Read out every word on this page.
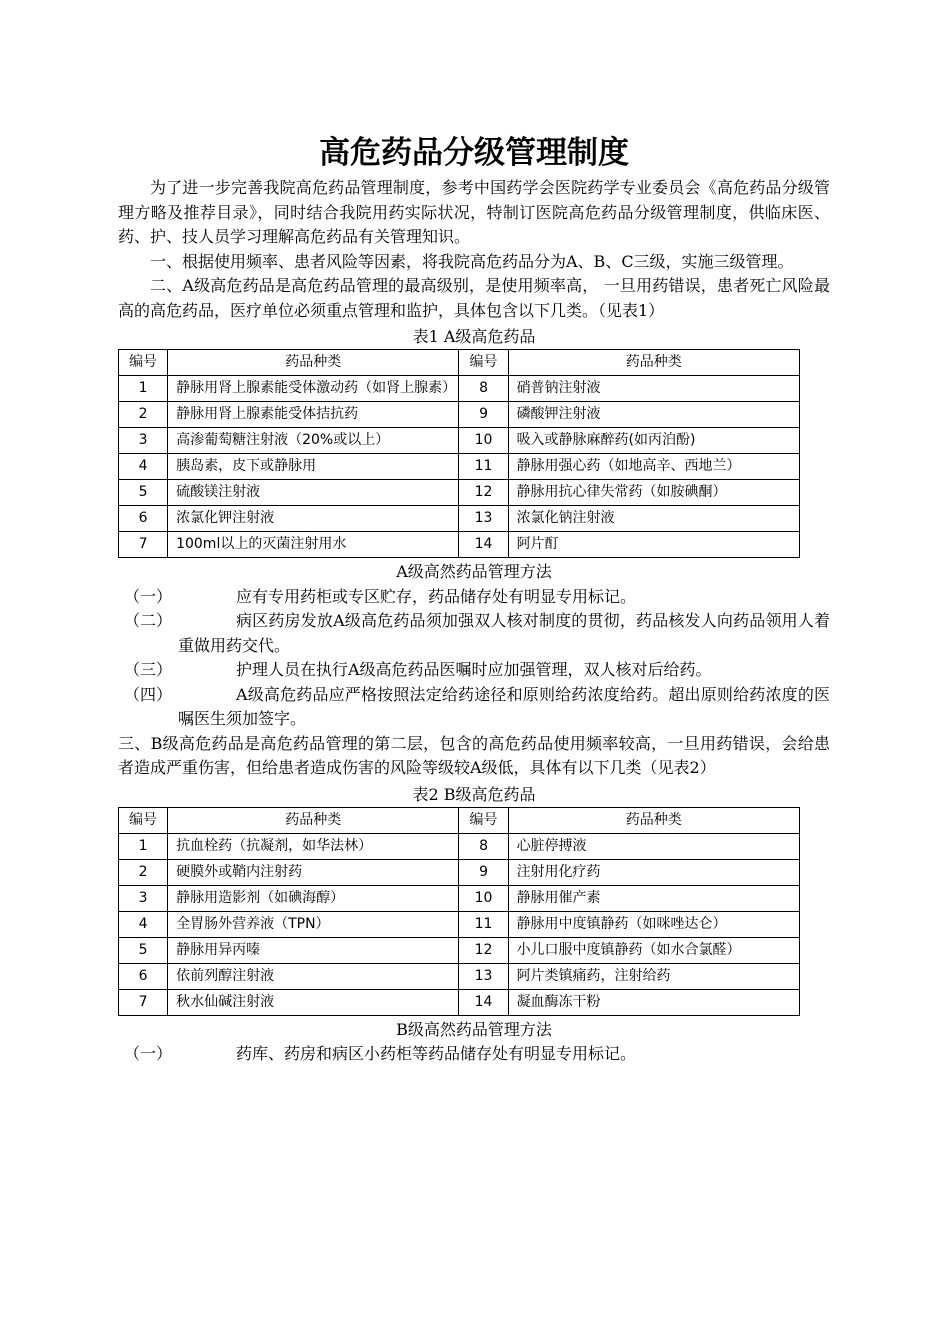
高危药品分级管理制度

为了进一步完善我院高危药品管理制度，参考中国药学会医院药学专业委员会《高危药品分级管理方略及推荐目录》，同时结合我院用药实际状况，特制订医院高危药品分级管理制度，供临床医、药、护、技人员学习理解高危药品有关管理知识。

一、根据使用频率、患者风险等因素，将我院高危药品分为A、B、C三级，实施三级管理。

二、A级高危药品是高危药品管理的最高级别，是使用频率高， 一旦用药错误，患者死亡风险最高的高危药品，医疗单位必须重点管理和监护，具体包含以下几类。（见表1）

表1 A级高危药品
编号	药品种类	编号	药品种类
1	静脉用肾上腺素能受体激动药（如肾上腺素）	8	硝普钠注射液
2	静脉用肾上腺素能受体拮抗药	9	磷酸钾注射液
3	高渗葡萄糖注射液（20%或以上）	10	吸入或静脉麻醉药(如丙泊酚)
4	胰岛素，皮下或静脉用	11	静脉用强心药（如地高辛、西地兰）
5	硫酸镁注射液	12	静脉用抗心律失常药（如胺碘酮）
6	浓氯化钾注射液	13	浓氯化钠注射液
7	100ml以上的灭菌注射用水	14	阿片酊
A级高然药品管理方法
（一）	应有专用药柜或专区贮存，药品储存处有明显专用标记。
（二）	病区药房发放A级高危药品须加强双人核对制度的贯彻，药品核发人向药品领用人着重做用药交代。
（三）	护理人员在执行A级高危药品医嘱时应加强管理，双人核对后给药。
（四）	A级高危药品应严格按照法定给药途径和原则给药浓度给药。超出原则给药浓度的医嘱医生须加签字。

三、B级高危药品是高危药品管理的第二层，包含的高危药品使用频率较高，一旦用药错误，会给患者造成严重伤害，但给患者造成伤害的风险等级较A级低，具体有以下几类（见表2）

表2 B级高危药品
编号	药品种类	编号	药品种类
1	抗血栓药（抗凝剂，如华法林）	8	心脏停搏液
2	硬膜外或鞘内注射药	9	注射用化疗药
3	静脉用造影剂（如碘海醇）	10	静脉用催产素
4	全胃肠外营养液（TPN）	11	静脉用中度镇静药（如咪唑达仑）
5	静脉用异丙嗪	12	小儿口服中度镇静药（如水合氯醛）
6	依前列醇注射液	13	阿片类镇痛药，注射给药
7	秋水仙碱注射液	14	凝血酶冻干粉
B级高然药品管理方法
（一）	药库、药房和病区小药柜等药品储存处有明显专用标记。
